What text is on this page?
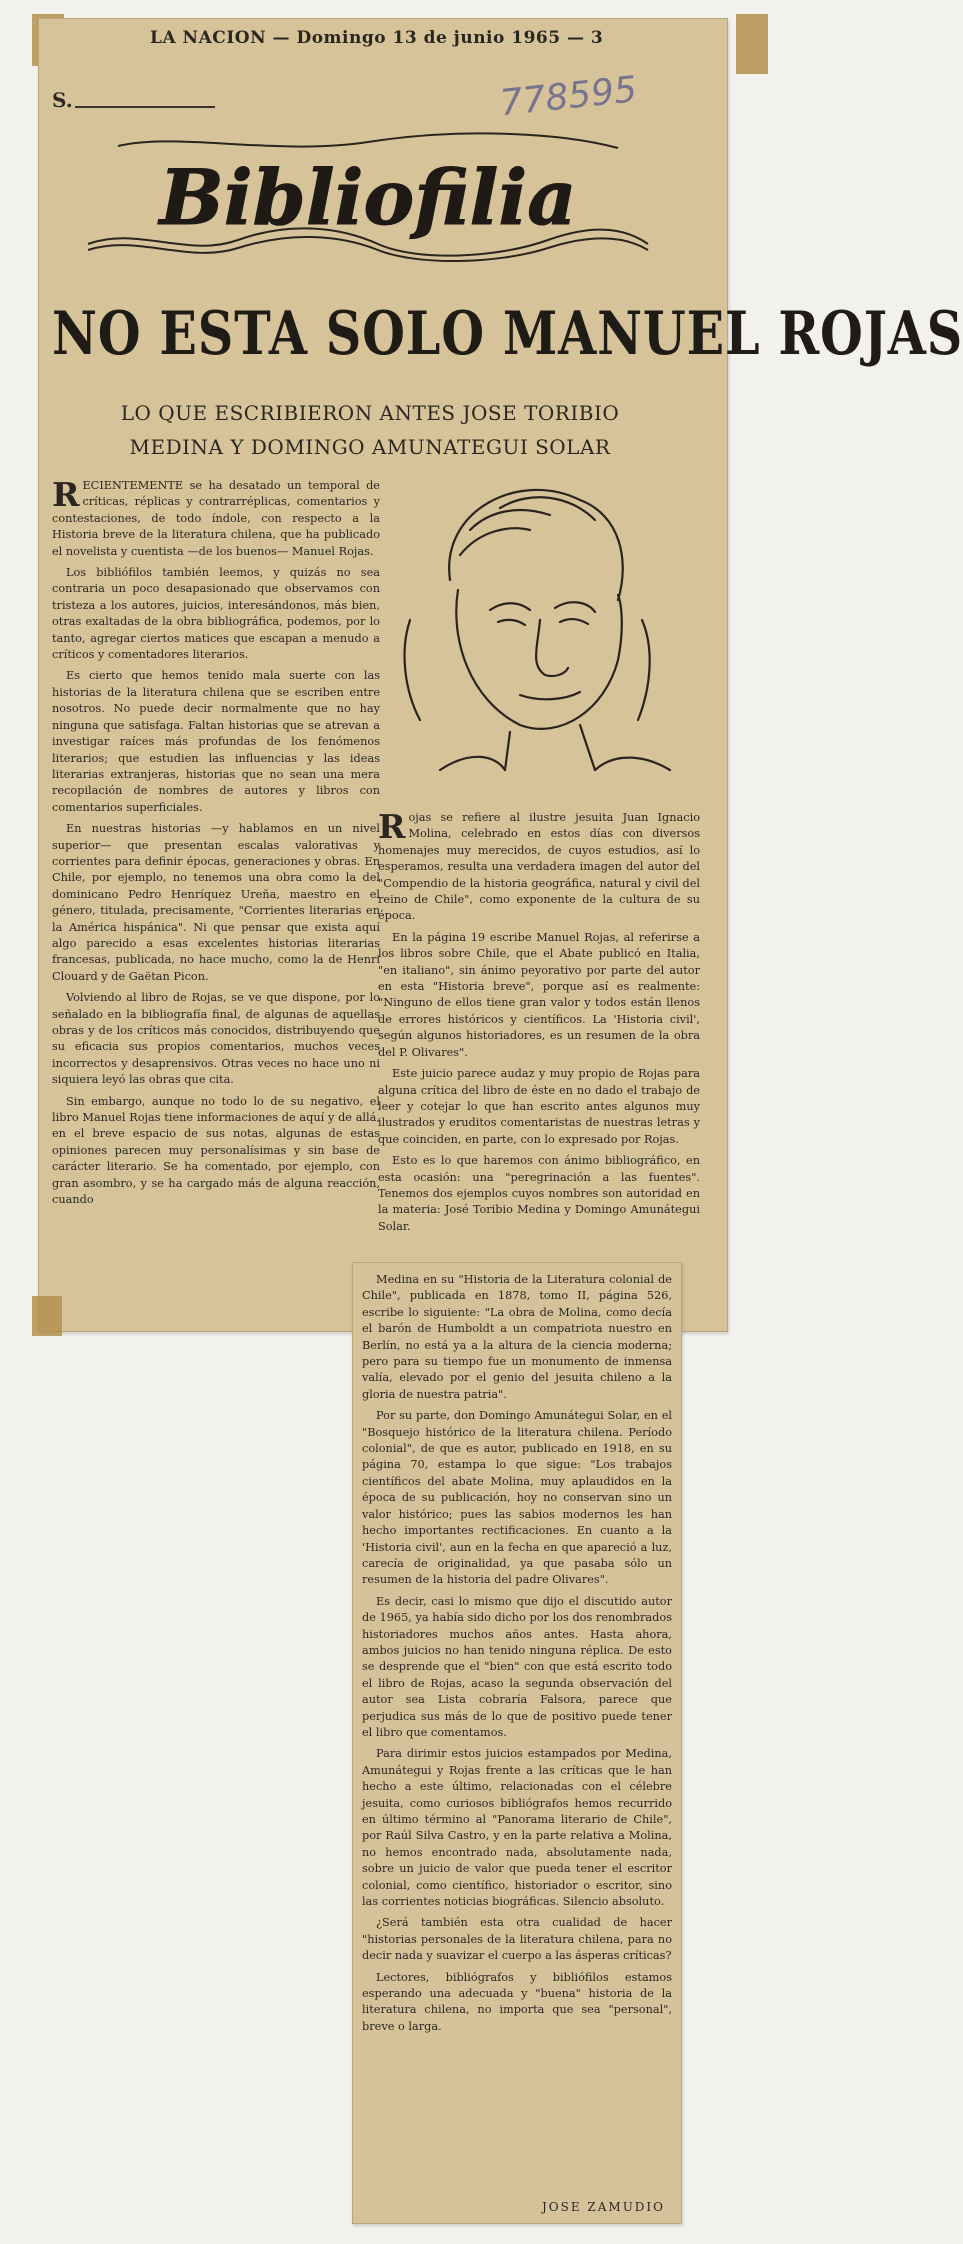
LA NACION — Domingo 13 de junio 1965 — 3
S.	778595
Bibliofilia
NO ESTA SOLO MANUEL ROJAS
LO QUE ESCRIBIERON ANTES JOSE TORIBIO MEDINA Y DOMINGO AMUNATEGUI SOLAR

RECIENTEMENTE se ha desatado un temporal de críticas, réplicas y contrarréplicas, comentarios y contestaciones, de todo índole, con respecto a la Historia breve de la literatura chilena, que ha publicado el novelista y cuentista —de los buenos— Manuel Rojas.

Los bibliófilos también leemos, y quizás no sea contraria un poco desapasionado que observamos con tristeza a los autores, juicios, interesándonos, más bien, otras exaltadas de la obra bibliográfica, podemos, por lo tanto, agregar ciertos matices que escapan a menudo a críticos y comentadores literarios.

Es cierto que hemos tenido mala suerte con las historias de la literatura chilena que se escriben entre nosotros. No puede decir normalmente que no hay ninguna que satisfaga. Faltan historias que se atrevan a investigar raíces más profundas de los fenómenos literarios; que estudien las influencias y las ideas literarias extranjeras, historias que no sean una mera recopilación de nombres de autores y libros con comentarios superficiales.

En nuestras historias —y hablamos en un nivel superior— que presentan escalas valorativas y corrientes para definir épocas, generaciones y obras. En Chile, por ejemplo, no tenemos una obra como la del dominicano Pedro Henríquez Ureña, maestro en el género, titulada, precisamente, "Corrientes literarias en la América hispánica". Ni que pensar que exista aquí algo parecido a esas excelentes historias literarias francesas, publicada, no hace mucho, como la de Henri Clouard y de Gaëtan Picon.

Volviendo al libro de Rojas, se ve que dispone, por lo señalado en la bibliografía final, de algunas de aquellas obras y de los críticos más conocidos, distribuyendo que su eficacia sus propios comentarios, muchos veces incorrectos y desaprensivos. Otras veces no hace uno ni siquiera leyó las obras que cita.

Sin embargo, aunque no todo lo de su negativo, el libro Manuel Rojas tiene informaciones de aquí y de allá, en el breve espacio de sus notas, algunas de estas opiniones parecen muy personalísimas y sin base de carácter literario. Se ha comentado, por ejemplo, con gran asombro, y se ha cargado más de alguna reacción, cuando

Rojas se refiere al ilustre jesuita Juan Ignacio Molina, celebrado en estos días con diversos homenajes muy merecidos, de cuyos estudios, así lo esperamos, resulta una verdadera imagen del autor del "Compendio de la historia geográfica, natural y civil del reino de Chile", como exponente de la cultura de su época.

En la página 19 escribe Manuel Rojas, al referirse a los libros sobre Chile, que el Abate publicó en Italia, "en italiano", sin ánimo peyorativo por parte del autor en esta "Historia breve", porque así es realmente: "Ninguno de ellos tiene gran valor y todos están llenos de errores históricos y científicos. La 'Historia civil', según algunos historiadores, es un resumen de la obra del P. Olivares".

Este juicio parece audaz y muy propio de Rojas para alguna crítica del libro de éste en no dado el trabajo de leer y cotejar lo que han escrito antes algunos muy ilustrados y eruditos comentaristas de nuestras letras y que coinciden, en parte, con lo expresado por Rojas.

Esto es lo que haremos con ánimo bibliográfico, en esta ocasión: una "peregrinación a las fuentes". Tenemos dos ejemplos cuyos nombres son autoridad en la materia: José Toribio Medina y Domingo Amunátegui Solar.

Medina en su "Historia de la Literatura colonial de Chile", publicada en 1878, tomo II, página 526, escribe lo siguiente: "La obra de Molina, como decía el barón de Humboldt a un compatriota nuestro en Berlín, no está ya a la altura de la ciencia moderna; pero para su tiempo fue un monumento de inmensa valía, elevado por el genio del jesuita chileno a la gloria de nuestra patria".

Por su parte, don Domingo Amunátegui Solar, en el "Bosquejo histórico de la literatura chilena. Período colonial", de que es autor, publicado en 1918, en su página 70, estampa lo que sigue: "Los trabajos científicos del abate Molina, muy aplaudidos en la época de su publicación, hoy no conservan sino un valor histórico; pues las sabios modernos les han hecho importantes rectificaciones. En cuanto a la 'Historia civil', aun en la fecha en que apareció a luz, carecía de originalidad, ya que pasaba sólo un resumen de la historia del padre Olivares".

Es decir, casi lo mismo que dijo el discutido autor de 1965, ya había sido dicho por los dos renombrados historiadores muchos años antes. Hasta ahora, ambos juicios no han tenido ninguna réplica. De esto se desprende que el "bien" con que está escrito todo el libro de Rojas, acaso la segunda observación del autor sea Lista cobraría Falsora, parece que perjudica sus más de lo que de positivo puede tener el libro que comentamos.

Para dirimir estos juicios estampados por Medina, Amunátegui y Rojas frente a las críticas que le han hecho a este último, relacionadas con el célebre jesuita, como curiosos bibliógrafos hemos recurrido en último término al "Panorama literario de Chile", por Raúl Silva Castro, y en la parte relativa a Molina, no hemos encontrado nada, absolutamente nada, sobre un juicio de valor que pueda tener el escritor colonial, como científico, historiador o escritor, sino las corrientes noticias biográficas. Silencio absoluto.

¿Será también esta otra cualidad de hacer "historias personales de la literatura chilena, para no decir nada y suavizar el cuerpo a las ásperas críticas?

Lectores, bibliógrafos y bibliófilos estamos esperando una adecuada y "buena" historia de la literatura chilena, no importa que sea "personal", breve o larga.

JOSE ZAMUDIO
